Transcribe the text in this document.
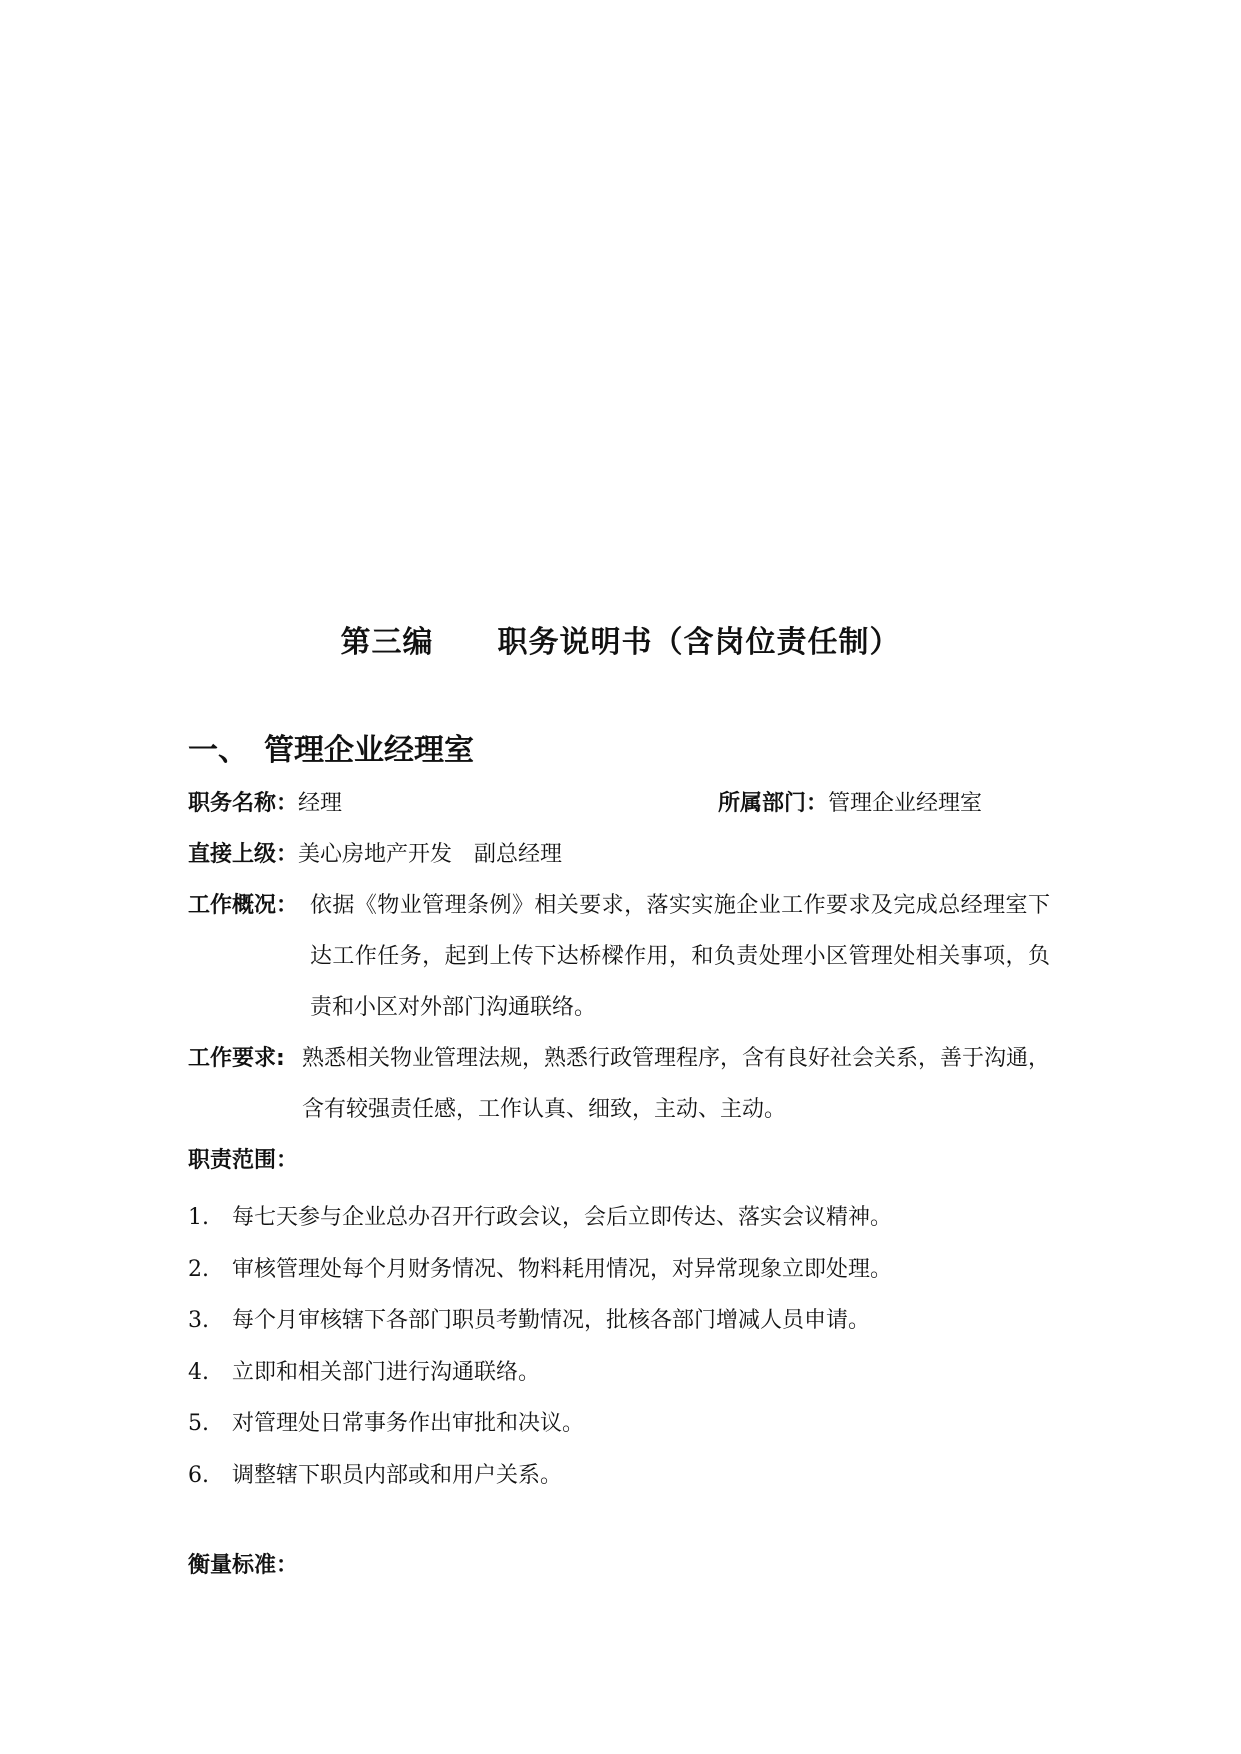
第三编 职务说明书（含岗位责任制）
一、 管理企业经理室
职务名称：经理	所属部门：管理企业经理室
直接上级：美心房地产开发　副总经理
工作概况： 依据《物业管理条例》相关要求，落实实施企业工作要求及完成总经理室下达工作任务，起到上传下达桥樑作用，和负责处理小区管理处相关事项，负责和小区对外部门沟通联络。
工作要求: 熟悉相关物业管理法规，熟悉行政管理程序，含有良好社会关系，善于沟通，含有较强责任感，工作认真、细致，主动、主动。
职责范围：
1. 每七天参与企业总办召开行政会议，会后立即传达、落实会议精神。
2. 审核管理处每个月财务情况、物料耗用情况，对异常现象立即处理。
3. 每个月审核辖下各部门职员考勤情况，批核各部门增减人员申请。
4. 立即和相关部门进行沟通联络。
5. 对管理处日常事务作出审批和决议。
6. 调整辖下职员内部或和用户关系。
衡量标准：
